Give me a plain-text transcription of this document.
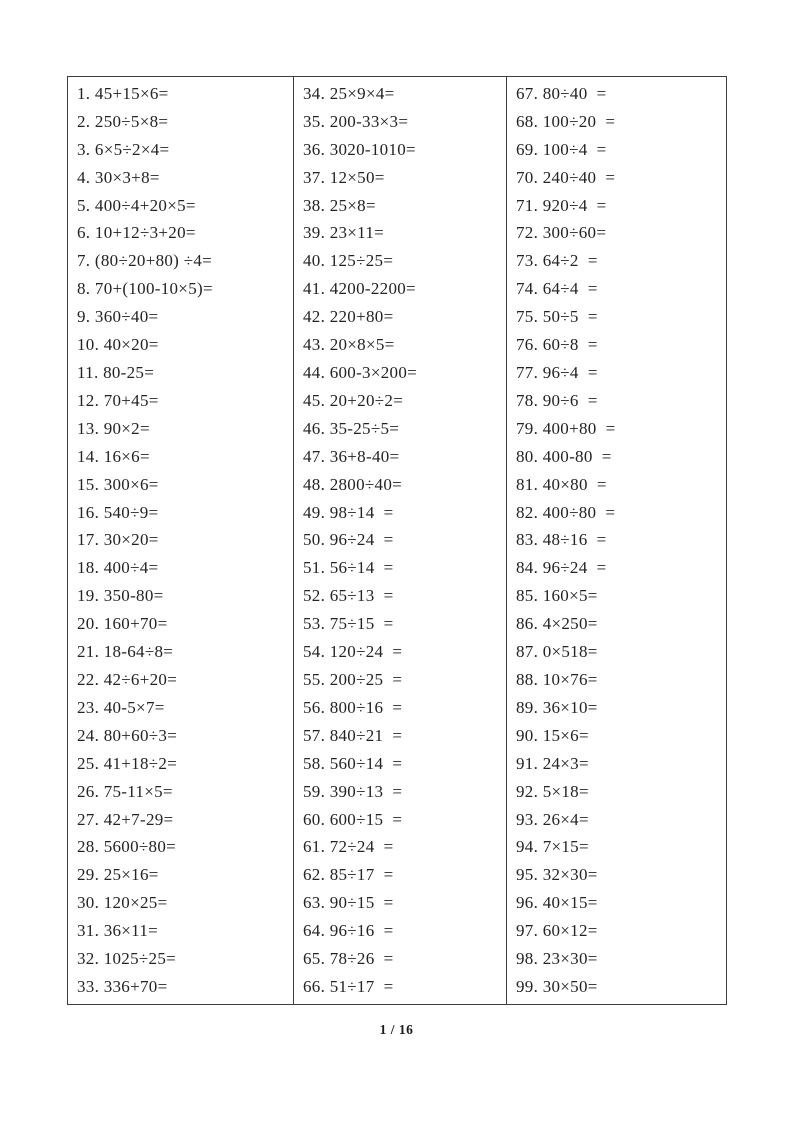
1. 45+15×6=
2. 250÷5×8=
3. 6×5÷2×4=
4. 30×3+8=
5. 400÷4+20×5=
6. 10+12÷3+20=
7. (80÷20+80) ÷4=
8. 70+(100-10×5)=
9. 360÷40=
10. 40×20=
11. 80-25=
12. 70+45=
13. 90×2=
14. 16×6=
15. 300×6=
16. 540÷9=
17. 30×20=
18. 400÷4=
19. 350-80=
20. 160+70=
21. 18-64÷8=
22. 42÷6+20=
23. 40-5×7=
24. 80+60÷3=
25. 41+18÷2=
26. 75-11×5=
27. 42+7-29=
28. 5600÷80=
29. 25×16=
30. 120×25=
31. 36×11=
32. 1025÷25=
33. 336+70=
34. 25×9×4=
35. 200-33×3=
36. 3020-1010=
37. 12×50=
38. 25×8=
39. 23×11=
40. 125÷25=
41. 4200-2200=
42. 220+80=
43. 20×8×5=
44. 600-3×200=
45. 20+20÷2=
46. 35-25÷5=
47. 36+8-40=
48. 2800÷40=
49. 98÷14  =
50. 96÷24  =
51. 56÷14  =
52. 65÷13  =
53. 75÷15  =
54. 120÷24  =
55. 200÷25  =
56. 800÷16  =
57. 840÷21  =
58. 560÷14  =
59. 390÷13  =
60. 600÷15  =
61. 72÷24  =
62. 85÷17  =
63. 90÷15  =
64. 96÷16  =
65. 78÷26  =
66. 51÷17  =
67. 80÷40  =
68. 100÷20  =
69. 100÷4  =
70. 240÷40  =
71. 920÷4  =
72. 300÷60=
73. 64÷2  =
74. 64÷4  =
75. 50÷5  =
76. 60÷8  =
77. 96÷4  =
78. 90÷6  =
79. 400+80  =
80. 400-80  =
81. 40×80  =
82. 400÷80  =
83. 48÷16  =
84. 96÷24  =
85. 160×5=
86. 4×250=
87. 0×518=
88. 10×76=
89. 36×10=
90. 15×6=
91. 24×3=
92. 5×18=
93. 26×4=
94. 7×15=
95. 32×30=
96. 40×15=
97. 60×12=
98. 23×30=
99. 30×50=
1 / 16
